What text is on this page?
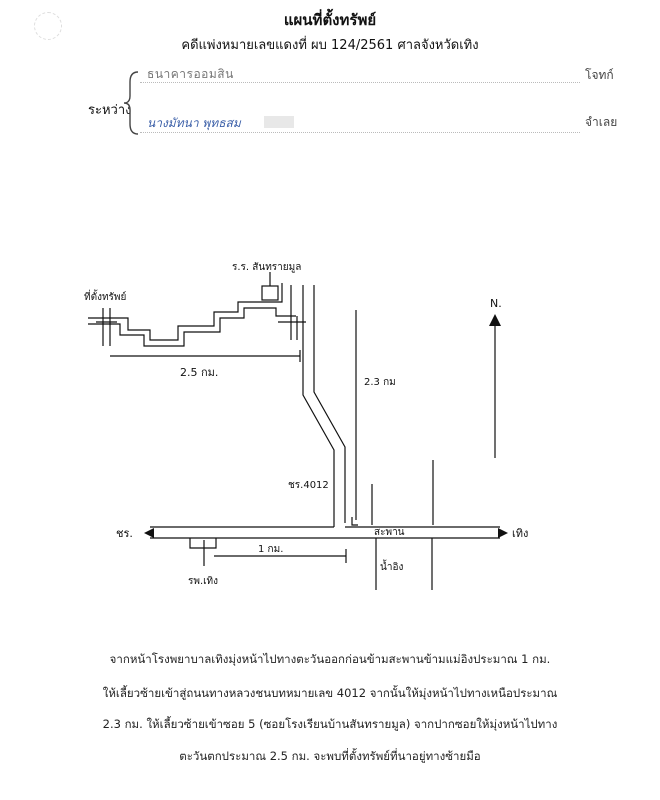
แผนที่ตั้งทรัพย์
คดีแพ่งหมายเลขแดงที่ ผบ 124/2561 ศาลจังหวัดเทิง
ระหว่าง
ธนาคารออมสิน	โจทก์
นางมัทนา พุทธสม	จำเลย
ร.ร. สันทรายมูล
ที่ตั้งทรัพย์
2.5 กม.
2.3 กม
ชร.4012
N.
สะพาน
น้ำอิง
ชร.	เทิง
1 กม.
รพ.เทิง
จากหน้าโรงพยาบาลเทิงมุ่งหน้าไปทางตะวันออกก่อนข้ามสะพานข้ามแม่อิงประมาณ 1 กม.
ให้เลี้ยวซ้ายเข้าสู่ถนนทางหลวงชนบทหมายเลข 4012 จากนั้นให้มุ่งหน้าไปทางเหนือประมาณ
2.3 กม. ให้เลี้ยวซ้ายเข้าซอย 5 (ซอยโรงเรียนบ้านสันทรายมูล) จากปากซอยให้มุ่งหน้าไปทาง
ตะวันตกประมาณ 2.5 กม. จะพบที่ตั้งทรัพย์ที่นาอยู่ทางซ้ายมือ
